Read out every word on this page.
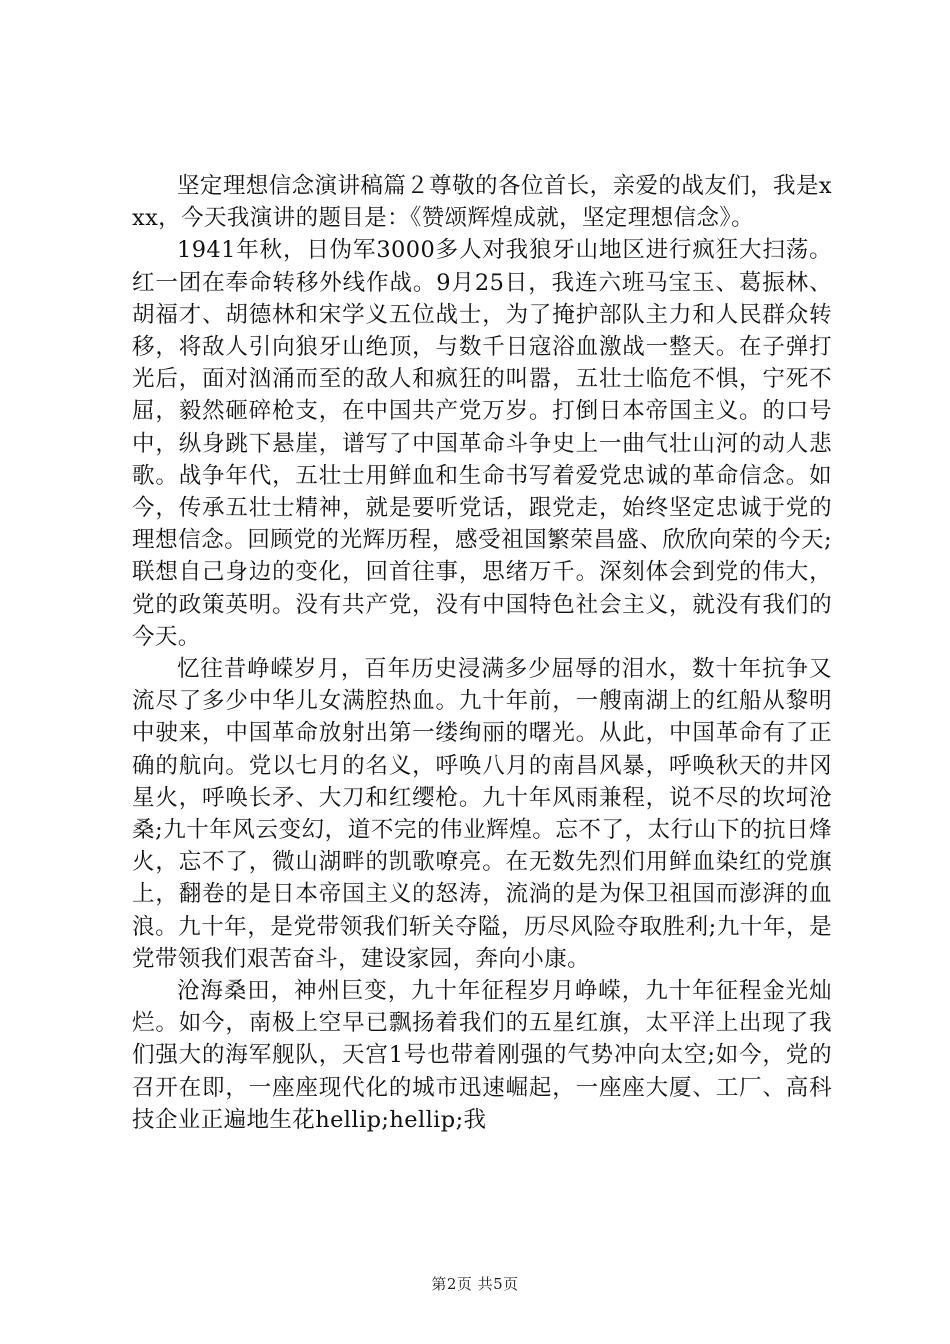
坚定理想信念演讲稿篇２尊敬的各位首长，亲爱的战友们，我是xxx，今天我演讲的题目是：《赞颂辉煌成就，坚定理想信念》。

1941年秋，日伪军3000多人对我狼牙山地区进行疯狂大扫荡。红一团在奉命转移外线作战。9月25日，我连六班马宝玉、葛振林、胡福才、胡德林和宋学义五位战士，为了掩护部队主力和人民群众转移，将敌人引向狼牙山绝顶，与数千日寇浴血激战一整天。在子弹打光后，面对汹涌而至的敌人和疯狂的叫嚣，五壮士临危不惧，宁死不屈，毅然砸碎枪支，在中国共产党万岁。打倒日本帝国主义。的口号中，纵身跳下悬崖，谱写了中国革命斗争史上一曲气壮山河的动人悲歌。战争年代，五壮士用鲜血和生命书写着爱党忠诚的革命信念。如今，传承五壮士精神，就是要听党话，跟党走，始终坚定忠诚于党的理想信念。回顾党的光辉历程，感受祖国繁荣昌盛、欣欣向荣的今天;联想自己身边的变化，回首往事，思绪万千。深刻体会到党的伟大，党的政策英明。没有共产党，没有中国特色社会主义，就没有我们的今天。

忆往昔峥嵘岁月，百年历史浸满多少屈辱的泪水，数十年抗争又流尽了多少中华儿女满腔热血。九十年前，一艘南湖上的红船从黎明中驶来，中国革命放射出第一缕绚丽的曙光。从此，中国革命有了正确的航向。党以七月的名义，呼唤八月的南昌风暴，呼唤秋天的井冈星火，呼唤长矛、大刀和红缨枪。九十年风雨兼程，说不尽的坎坷沧桑;九十年风云变幻，道不完的伟业辉煌。忘不了，太行山下的抗日烽火，忘不了，微山湖畔的凯歌嘹亮。在无数先烈们用鲜血染红的党旗上，翻卷的是日本帝国主义的怒涛，流淌的是为保卫祖国而澎湃的血浪。九十年，是党带领我们斩关夺隘，历尽风险夺取胜利;九十年，是党带领我们艰苦奋斗，建设家园，奔向小康。

沧海桑田，神州巨变，九十年征程岁月峥嵘，九十年征程金光灿烂。如今，南极上空早已飘扬着我们的五星红旗，太平洋上出现了我们强大的海军舰队，天宫1号也带着刚强的气势冲向太空;如今，党的召开在即，一座座现代化的城市迅速崛起，一座座大厦、工厂、高科技企业正遍地生花hellip;hellip;我

第2页 共5页
